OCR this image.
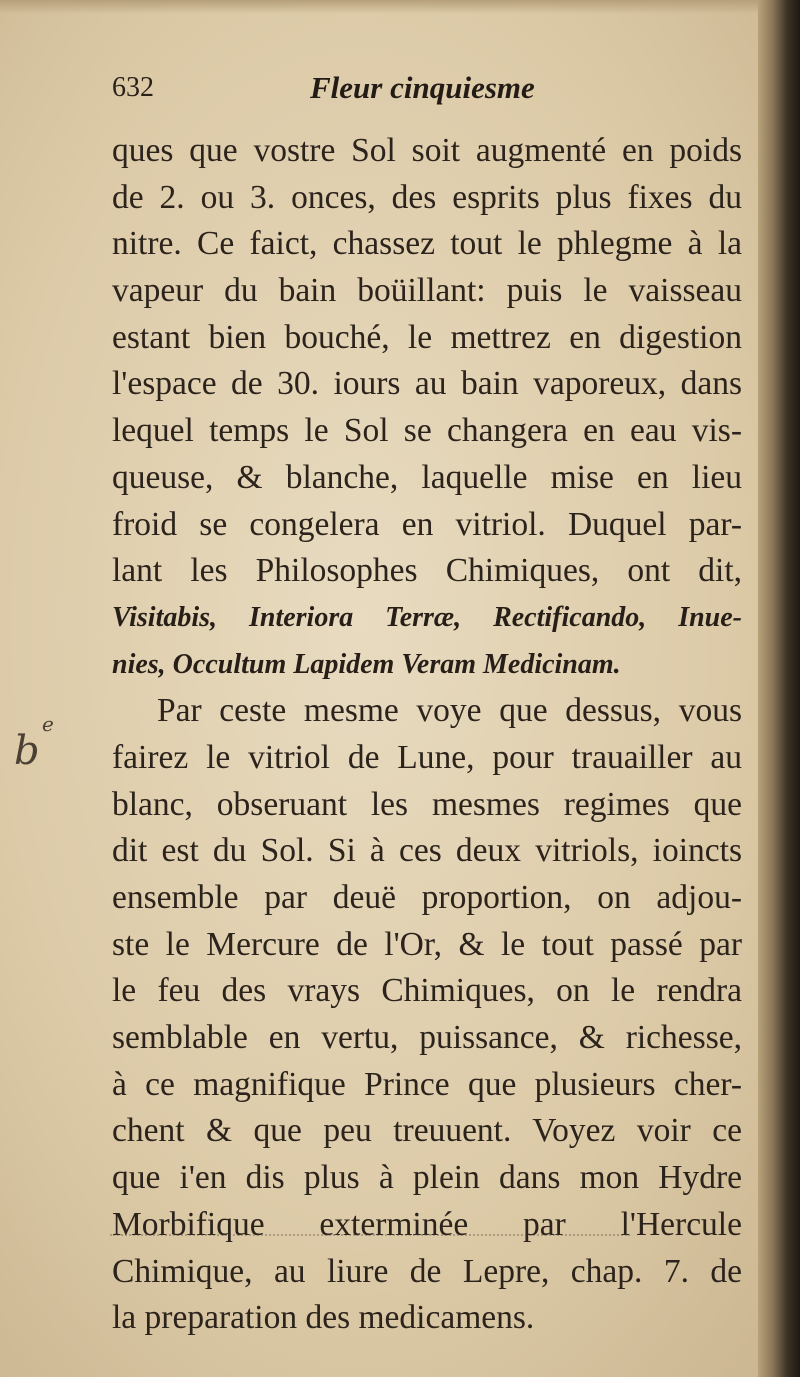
632	Fleur cinquiesme
e
b
ques que vostre Sol soit augmenté en poids
de 2. ou 3. onces, des esprits plus fixes du
nitre. Ce faict, chassez tout le phlegme à la
vapeur du bain boüillant: puis le vaisseau
estant bien bouché, le mettrez en digestion
l'espace de 30. iours au bain vaporeux, dans
lequel temps le Sol se changera en eau vis-
queuse, & blanche, laquelle mise en lieu
froid se congelera en vitriol. Duquel par-
lant les Philosophes Chimiques, ont dit,
Visitabis, Interiora Terræ, Rectificando, Inue-
nies, Occultum Lapidem Veram Medicinam.
Par ceste mesme voye que dessus, vous
fairez le vitriol de Lune, pour trauailler au
blanc, obseruant les mesmes regimes que
dit est du Sol. Si à ces deux vitriols, ioincts
ensemble par deuë proportion, on adjou-
ste le Mercure de l'Or, & le tout passé par
le feu des vrays Chimiques, on le rendra
semblable en vertu, puissance, & richesse,
à ce magnifique Prince que plusieurs cher-
chent & que peu treuuent. Voyez voir ce
que i'en dis plus à plein dans mon Hydre
Morbifique exterminée par l'Hercule
Chimique, au liure de Lepre, chap. 7. de
la preparation des medicamens.
